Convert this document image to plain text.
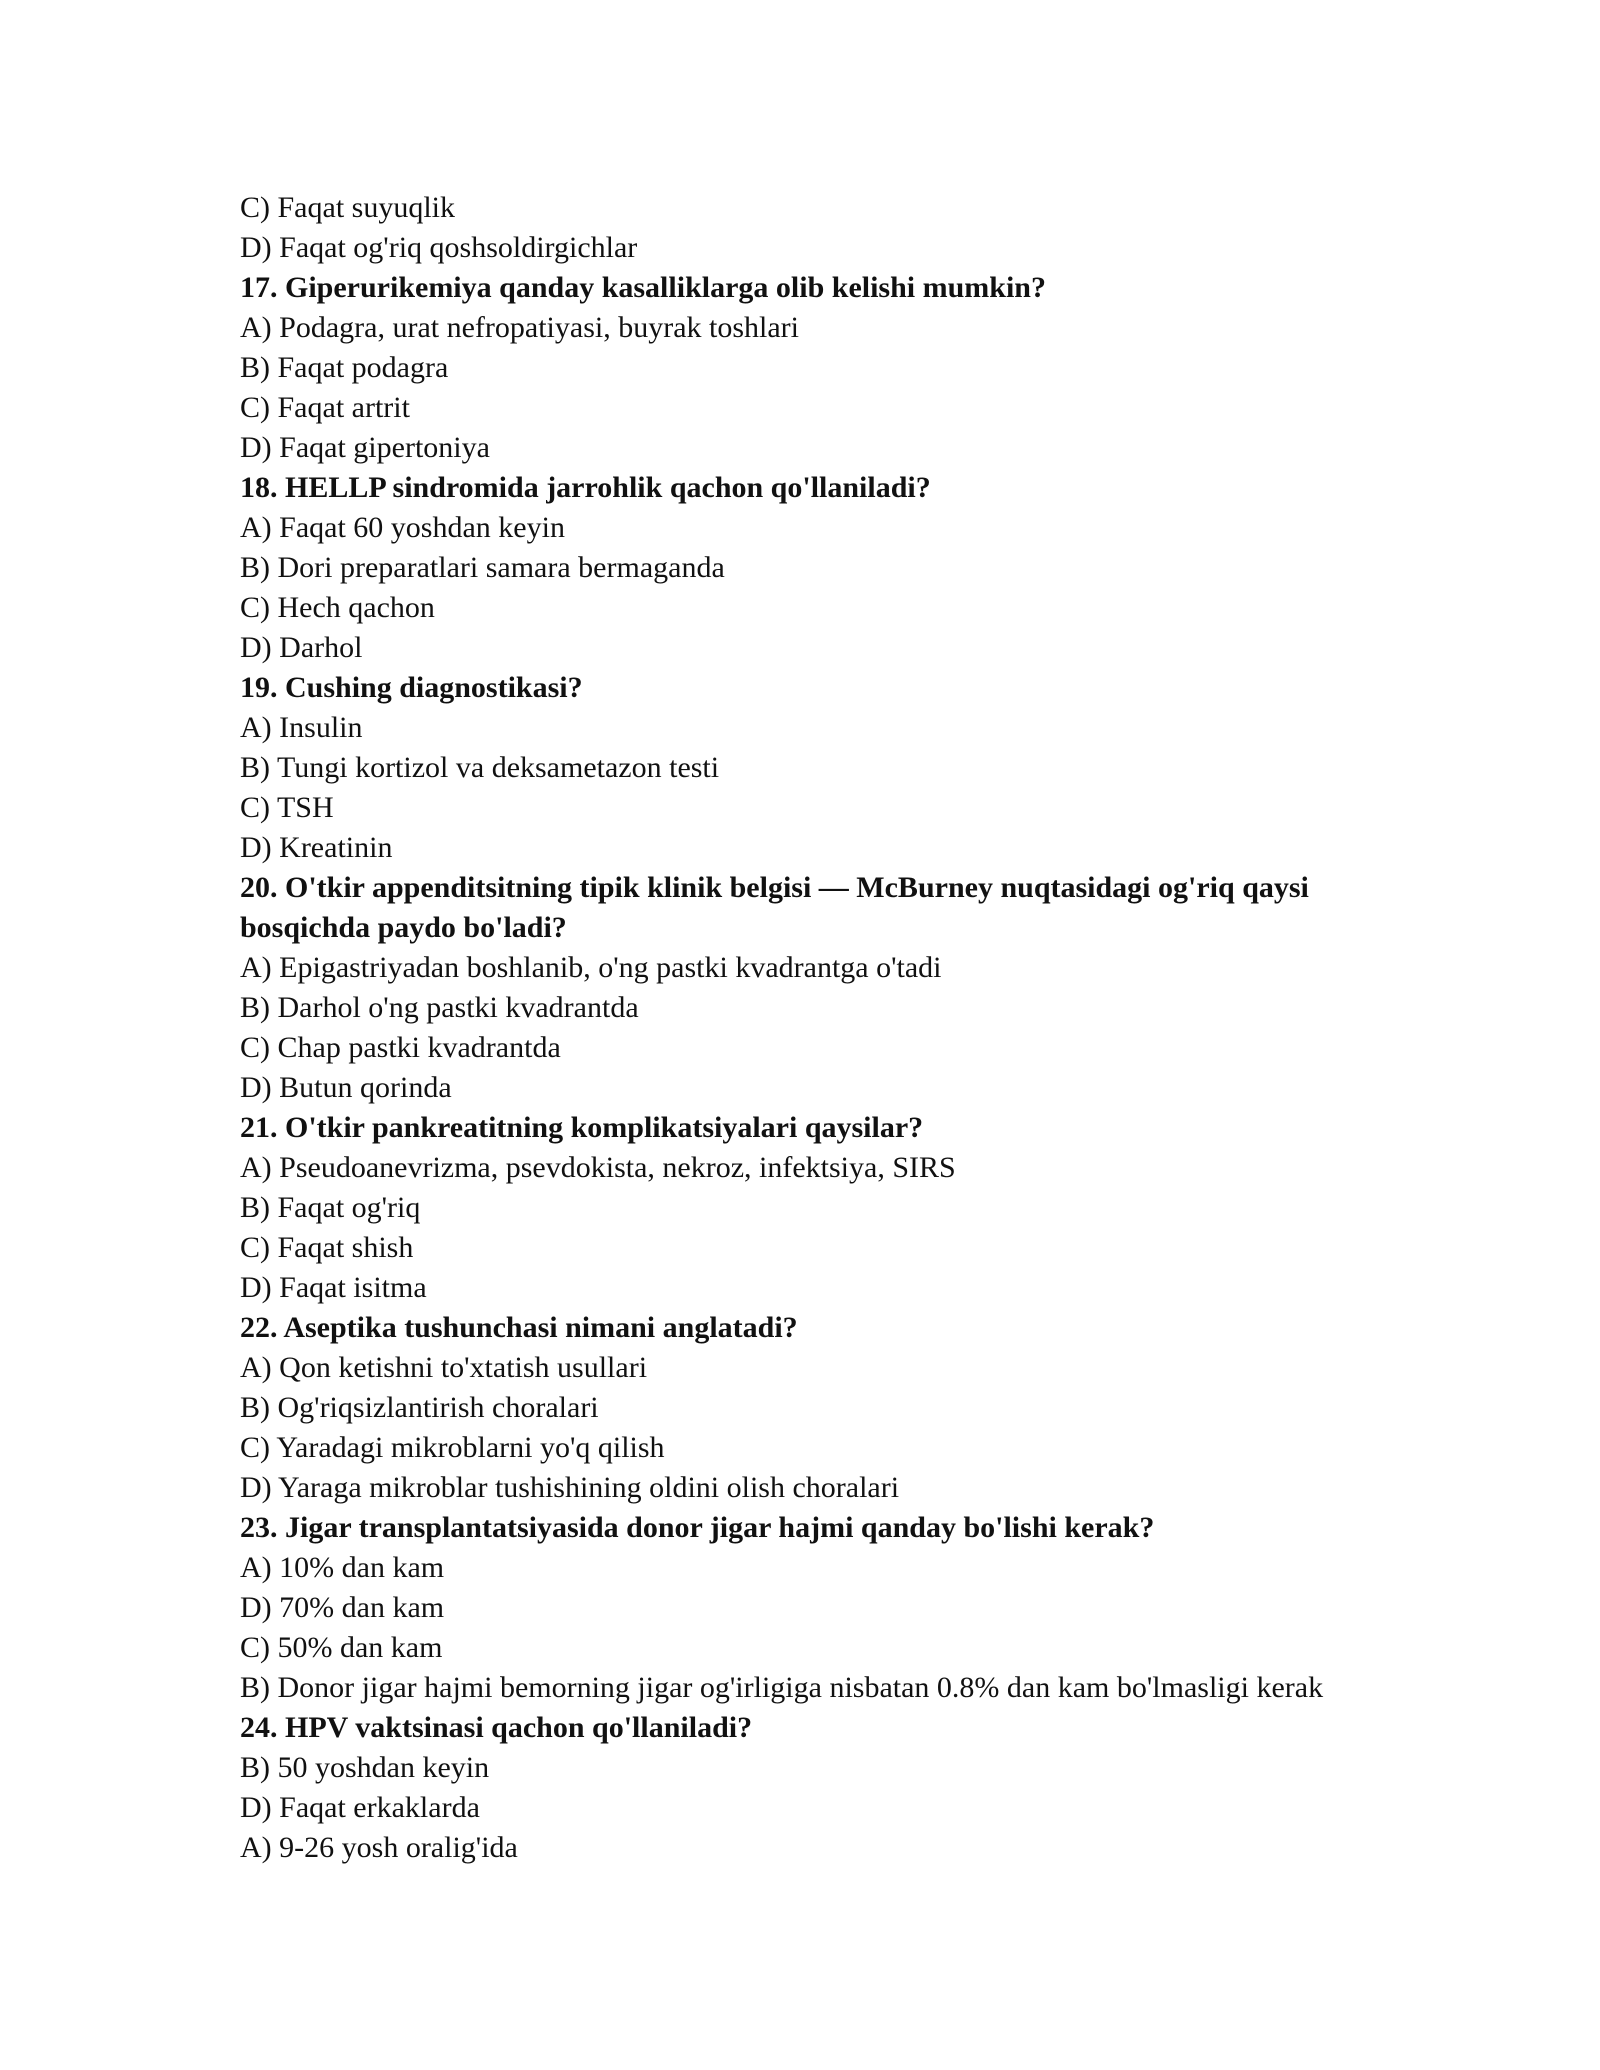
C) Faqat suyuqlik

D) Faqat og'riq qoshsoldirgichlar

17. Giperurikemiya qanday kasalliklarga olib kelishi mumkin?

A) Podagra, urat nefropatiyasi, buyrak toshlari

B) Faqat podagra

C) Faqat artrit

D) Faqat gipertoniya

18. HELLP sindromida jarrohlik qachon qo'llaniladi?

A) Faqat 60 yoshdan keyin

B) Dori preparatlari samara bermaganda

C) Hech qachon

D) Darhol

19. Cushing diagnostikasi?

A) Insulin

B) Tungi kortizol va deksametazon testi

C) TSH

D) Kreatinin

20. O'tkir appenditsitning tipik klinik belgisi — McBurney nuqtasidagi og'riq qaysi bosqichda paydo bo'ladi?

A) Epigastriyadan boshlanib, o'ng pastki kvadrantga o'tadi

B) Darhol o'ng pastki kvadrantda

C) Chap pastki kvadrantda

D) Butun qorinda

21. O'tkir pankreatitning komplikatsiyalari qaysilar?

A) Pseudoanevrizma, psevdokista, nekroz, infektsiya, SIRS

B) Faqat og'riq

C) Faqat shish

D) Faqat isitma

22. Aseptika tushunchasi nimani anglatadi?

A) Qon ketishni to'xtatish usullari

B) Og'riqsizlantirish choralari

C) Yaradagi mikroblarni yo'q qilish

D) Yaraga mikroblar tushishining oldini olish choralari

23. Jigar transplantatsiyasida donor jigar hajmi qanday bo'lishi kerak?

A) 10% dan kam

D) 70% dan kam

C) 50% dan kam

B) Donor jigar hajmi bemorning jigar og'irligiga nisbatan 0.8% dan kam bo'lmasligi kerak

24. HPV vaktsinasi qachon qo'llaniladi?

B) 50 yoshdan keyin

D) Faqat erkaklarda

A) 9-26 yosh oralig'ida
